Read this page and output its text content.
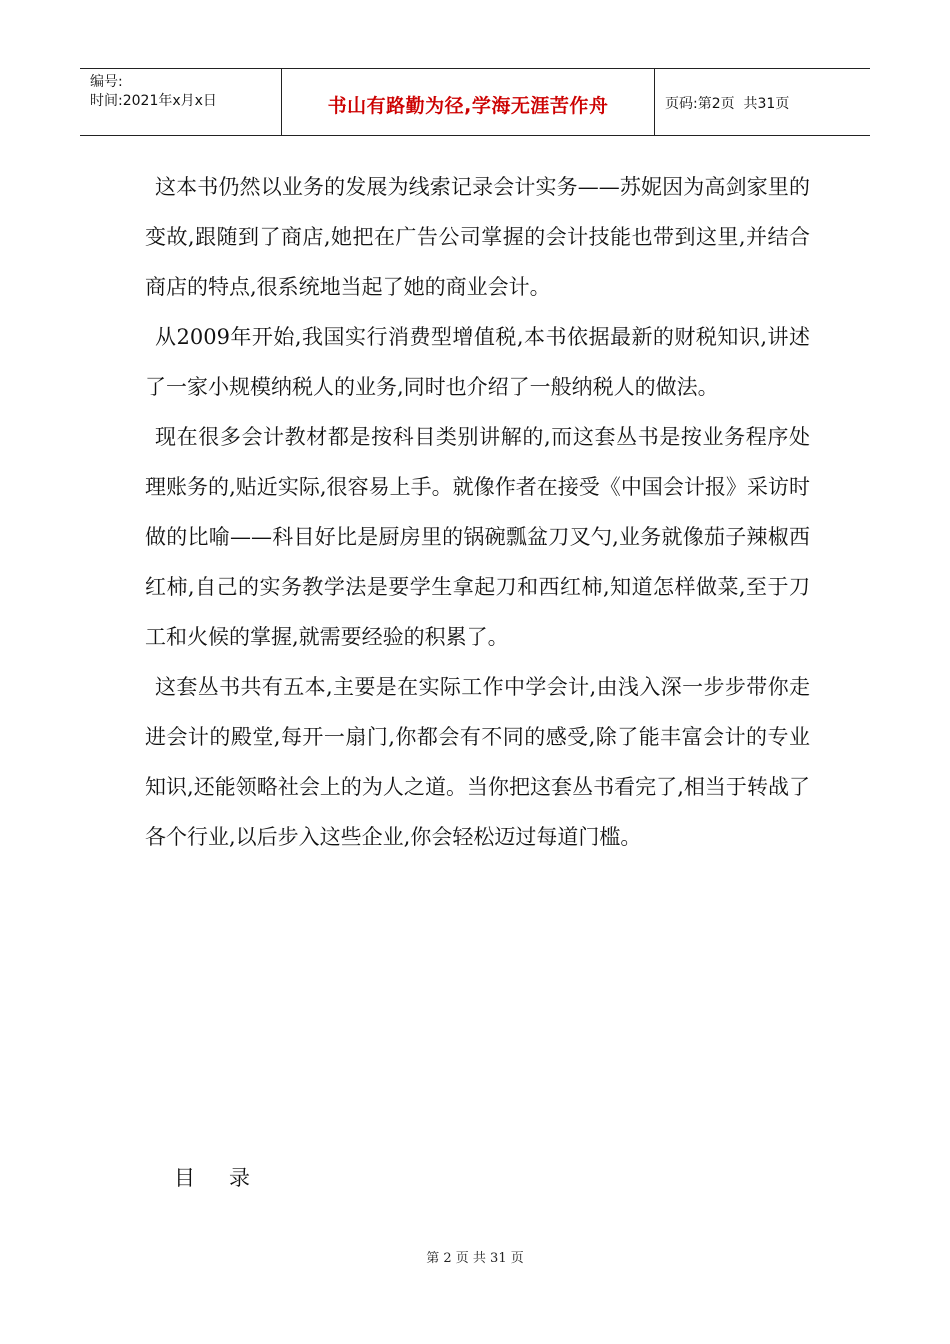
编号:
时间:2021年x月x日	书山有路勤为径,学海无涯苦作舟	页码:第2页  共31页

这本书仍然以业务的发展为线索记录会计实务——苏妮因为高剑家里的变故,跟随到了商店,她把在广告公司掌握的会计技能也带到这里,并结合商店的特点,很系统地当起了她的商业会计。

从2009年开始,我国实行消费型增值税,本书依据最新的财税知识,讲述了一家小规模纳税人的业务,同时也介绍了一般纳税人的做法。

现在很多会计教材都是按科目类别讲解的,而这套丛书是按业务程序处理账务的,贴近实际,很容易上手。就像作者在接受《中国会计报》采访时做的比喻——科目好比是厨房里的锅碗瓢盆刀叉勺,业务就像茄子辣椒西红柿,自己的实务教学法是要学生拿起刀和西红柿,知道怎样做菜,至于刀工和火候的掌握,就需要经验的积累了。

这套丛书共有五本,主要是在实际工作中学会计,由浅入深一步步带你走进会计的殿堂,每开一扇门,你都会有不同的感受,除了能丰富会计的专业知识,还能领略社会上的为人之道。当你把这套丛书看完了,相当于转战了各个行业,以后步入这些企业,你会轻松迈过每道门槛。

目 录
第 2 页 共 31 页
